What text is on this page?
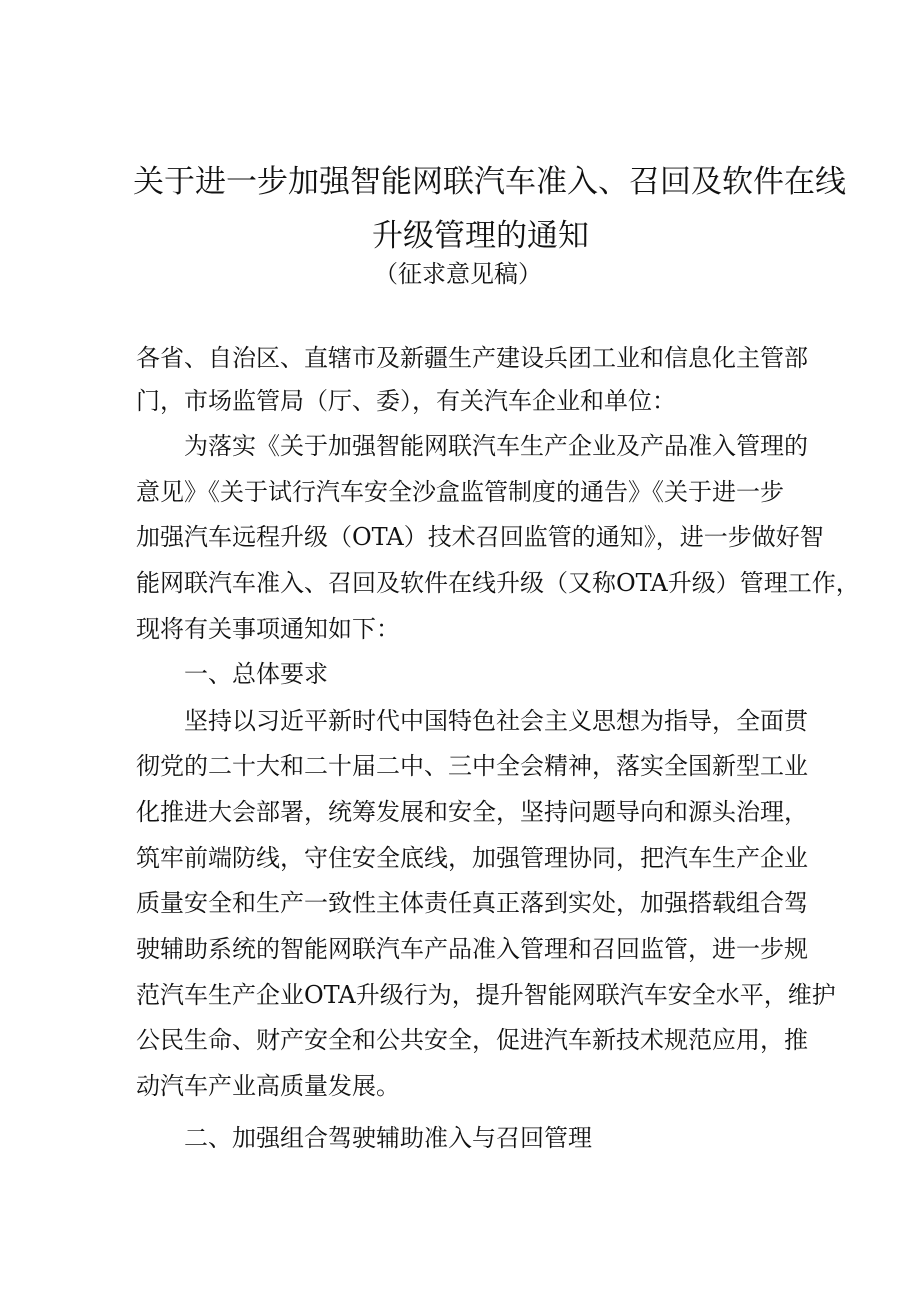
关于进一步加强智能网联汽车准入、召回及软件在线
升级管理的通知
（征求意见稿）
各省、自治区、直辖市及新疆生产建设兵团工业和信息化主管部
门，市场监管局（厅、委），有关汽车企业和单位：
为落实《关于加强智能网联汽车生产企业及产品准入管理的
意见》《关于试行汽车安全沙盒监管制度的通告》《关于进一步
加强汽车远程升级（OTA）技术召回监管的通知》，进一步做好智
能网联汽车准入、召回及软件在线升级（又称OTA升级）管理工作，
现将有关事项通知如下：
一、总体要求
坚持以习近平新时代中国特色社会主义思想为指导，全面贯
彻党的二十大和二十届二中、三中全会精神，落实全国新型工业
化推进大会部署，统筹发展和安全，坚持问题导向和源头治理，
筑牢前端防线，守住安全底线，加强管理协同，把汽车生产企业
质量安全和生产一致性主体责任真正落到实处，加强搭载组合驾
驶辅助系统的智能网联汽车产品准入管理和召回监管，进一步规
范汽车生产企业OTA升级行为，提升智能网联汽车安全水平，维护
公民生命、财产安全和公共安全，促进汽车新技术规范应用，推
动汽车产业高质量发展。
二、加强组合驾驶辅助准入与召回管理
